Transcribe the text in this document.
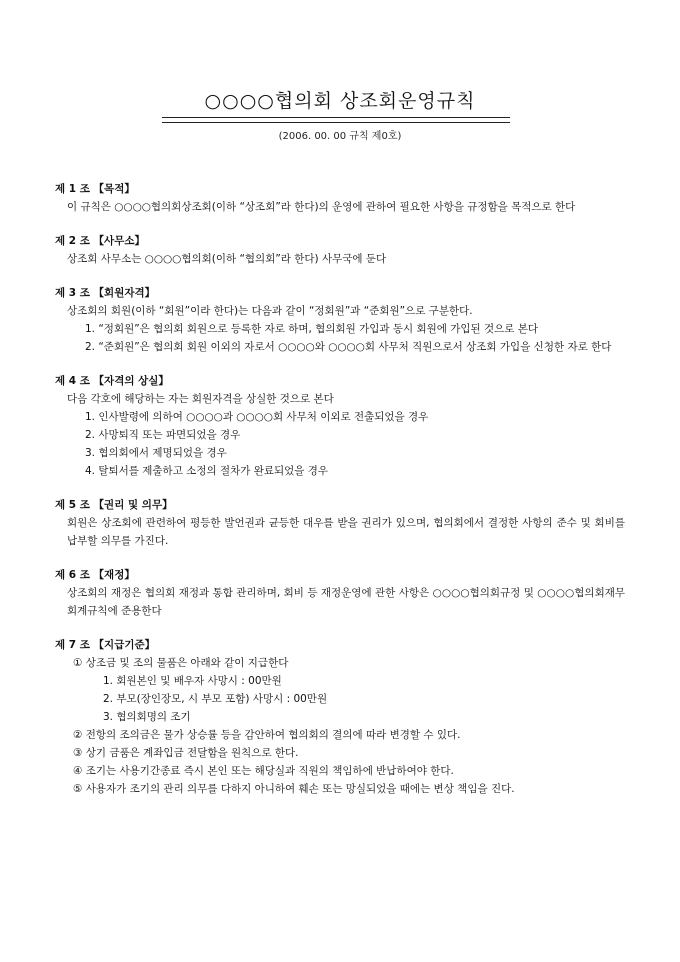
○○○○협의회 상조회운영규칙
(2006. 00. 00 규칙 제0호)
제 1 조 【목적】
이 규칙은 ○○○○협의회상조회(이하 “상조회”라 한다)의 운영에 관하여 필요한 사항을 규정함을 목적으로 한다
제 2 조 【사무소】
상조회 사무소는 ○○○○협의회(이하 “협의회”라 한다) 사무국에 둔다
제 3 조 【회원자격】
상조회의 회원(이하 “회원”이라 한다)는 다음과 같이 “정회원”과 “준회원”으로 구분한다.
1. “정회원”은 협의회 회원으로 등록한 자로 하며, 협의회원 가입과 동시 회원에 가입된 것으로 본다
2. “준회원”은 협의회 회원 이외의 자로서 ○○○○와 ○○○○회 사무처 직원으로서 상조회 가입을 신청한 자로 한다
제 4 조 【자격의 상실】
다음 각호에 해당하는 자는 회원자격을 상실한 것으로 본다
1. 인사발령에 의하여 ○○○○과 ○○○○회 사무처 이외로 전출되었을 경우
2. 사망퇴직 또는 파면되었을 경우
3. 협의회에서 제명되었을 경우
4. 탈퇴서를 제출하고 소정의 절차가 완료되었을 경우
제 5 조 【권리 및 의무】
회원은 상조회에 관련하여 평등한 발언권과 균등한 대우를 받을 권리가 있으며, 협의회에서 결정한 사항의 준수 및 회비를 납부할 의무를 가진다.
제 6 조 【재정】
상조회의 재정은 협의회 재정과 통합 관리하며, 회비 등 재정운영에 관한 사항은 ○○○○협의회규정 및 ○○○○협의회재무회계규칙에 준용한다
제 7 조 【지급기준】
① 상조금 및 조의 물품은 아래와 같이 지급한다
1. 회원본인 및 배우자 사망시 : 00만원
2. 부모(장인장모, 시 부모 포함) 사망시 : 00만원
3. 협의회명의 조기
② 전항의 조의금은 물가 상승률 등을 감안하여 협의회의 결의에 따라 변경할 수 있다.
③ 상기 금품은 계좌입금 전달함을 원칙으로 한다.
④ 조기는 사용기간종료 즉시 본인 또는 해당실과 직원의 책임하에 반납하여야 한다.
⑤ 사용자가 조기의 관리 의무를 다하지 아니하여 훼손 또는 망실되었을 때에는 변상 책임을 진다.
